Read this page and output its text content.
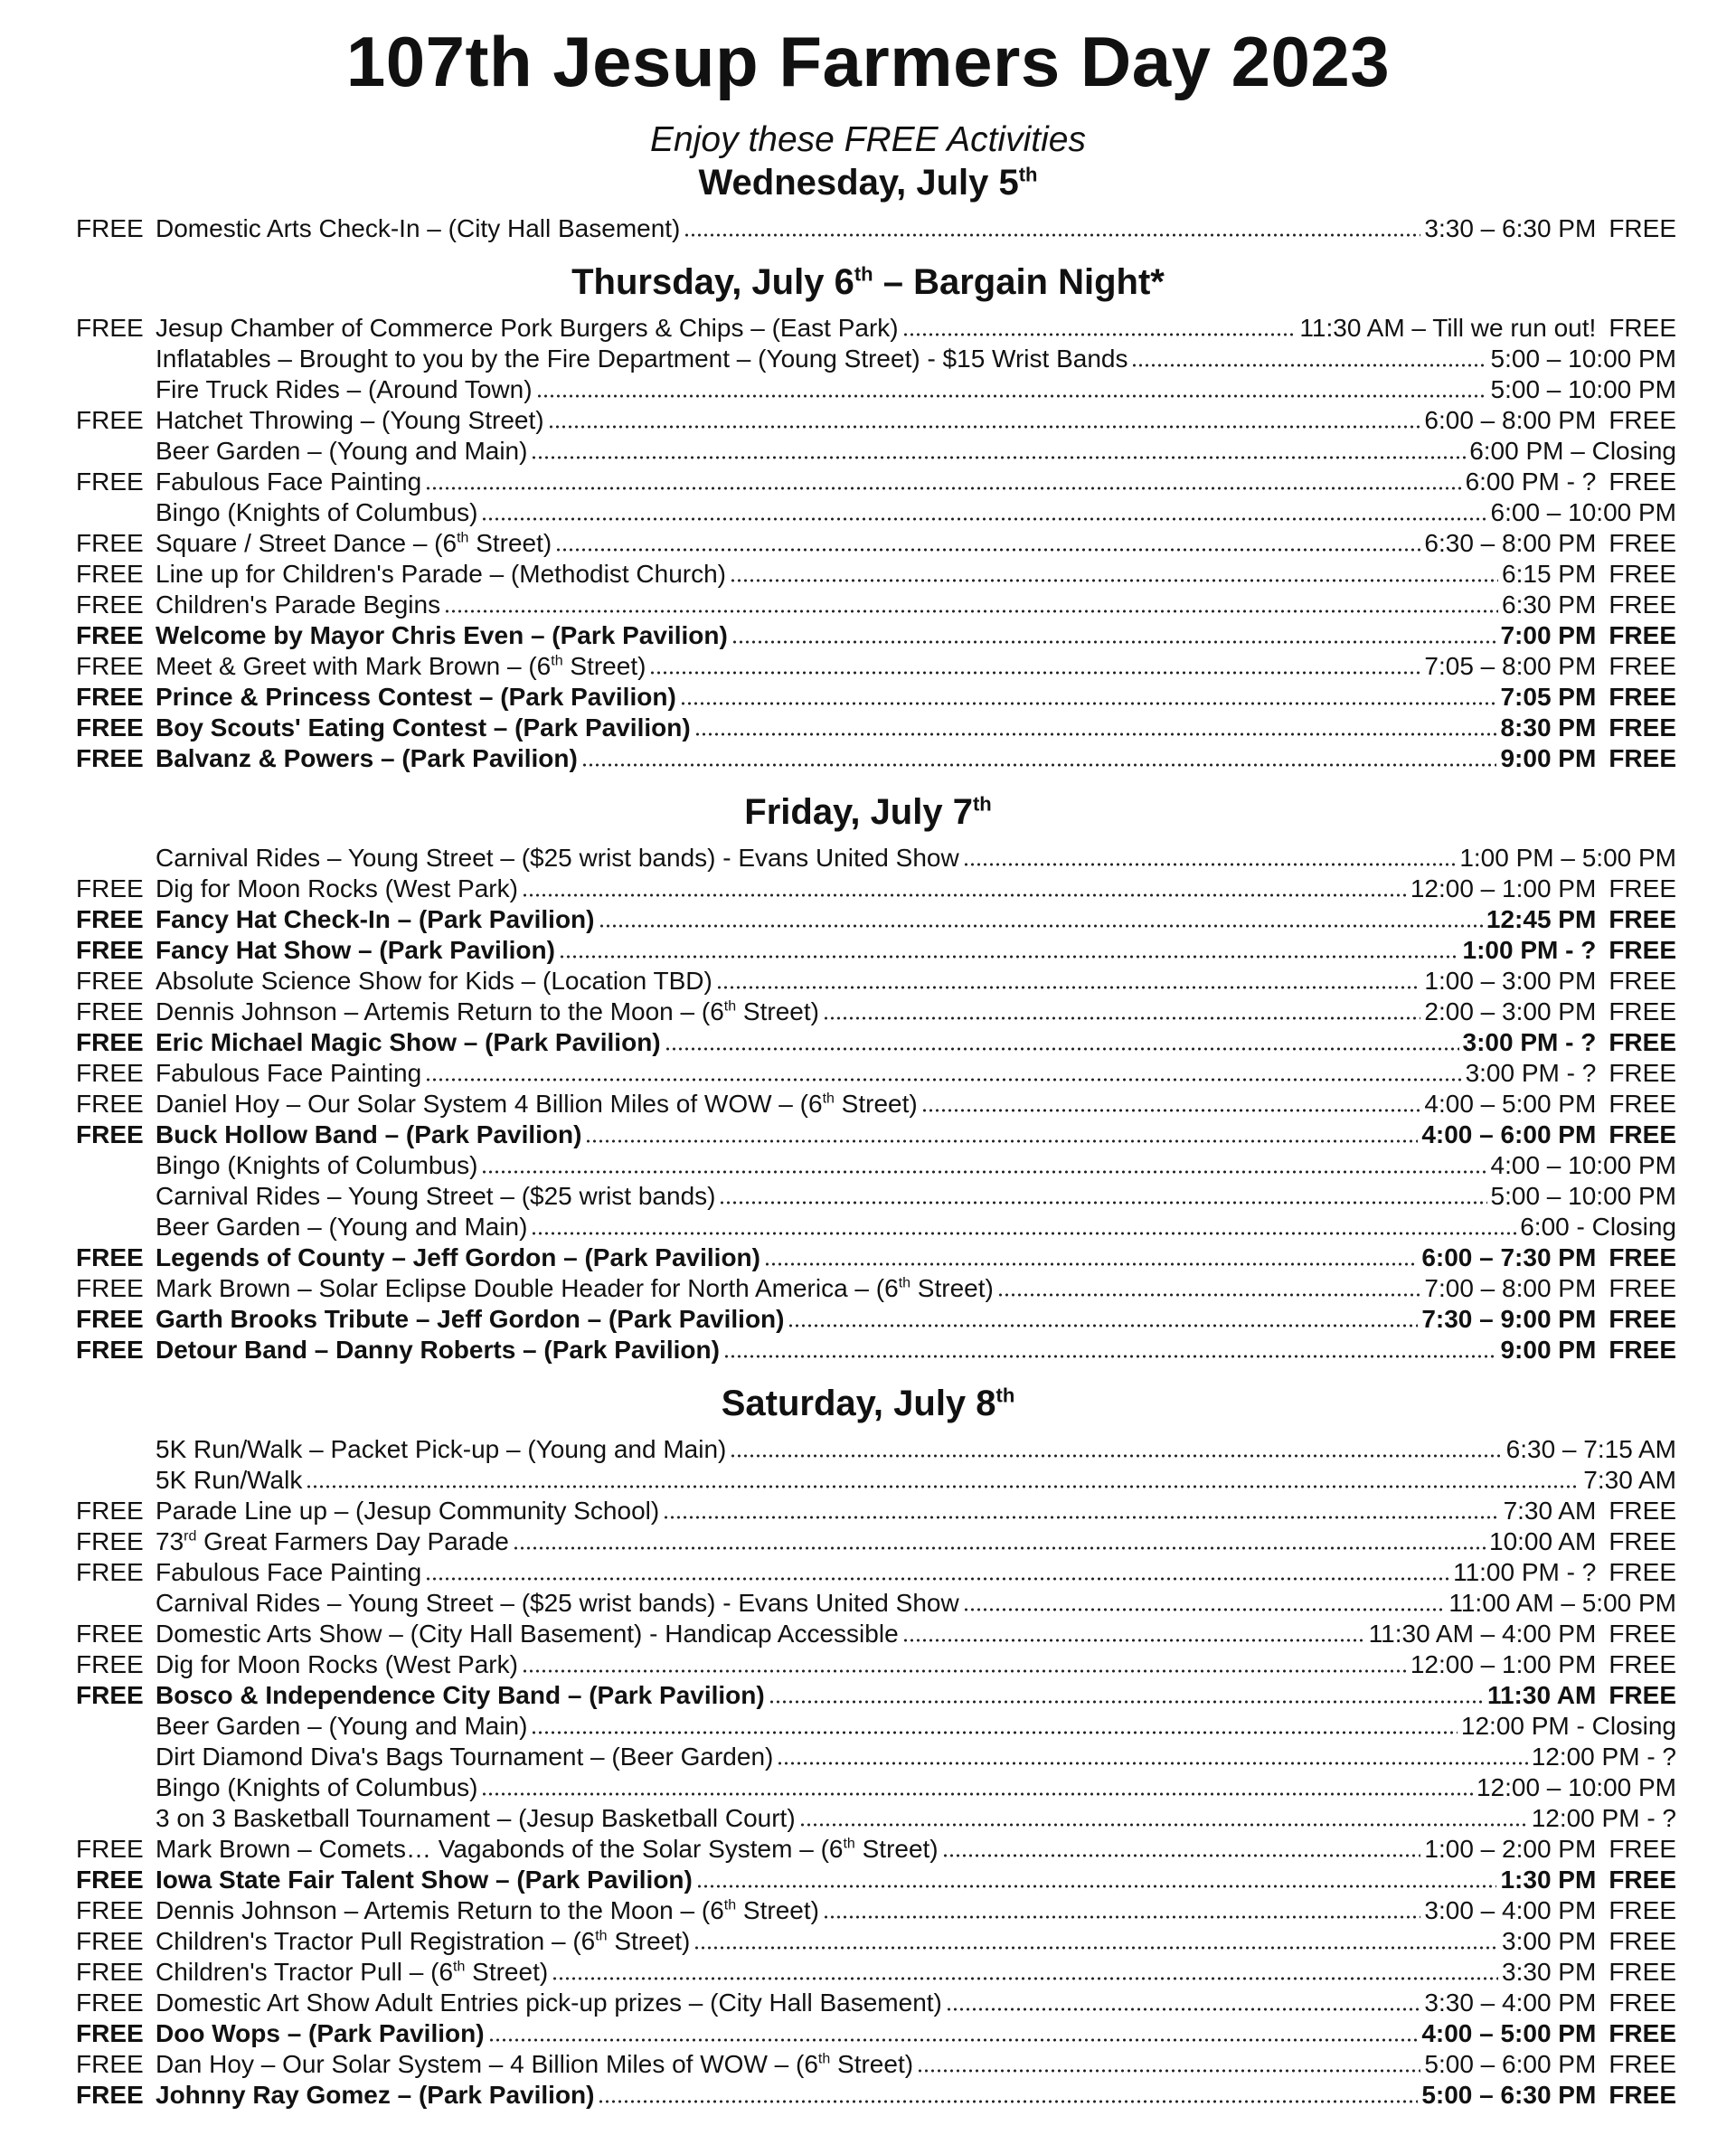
107th Jesup Farmers Day 2023
Enjoy these FREE Activities
Wednesday, July 5th
FREE Domestic Arts Check-In – (City Hall Basement)	3:30 – 6:30 PM FREE
Thursday, July 6th – Bargain Night*
FREE Jesup Chamber of Commerce Pork Burgers & Chips – (East Park)	11:30 AM – Till we run out! FREE
Inflatables – Brought to you by the Fire Department – (Young Street) - $15 Wrist Bands	5:00 – 10:00 PM
Fire Truck Rides – (Around Town)	5:00 – 10:00 PM
FREE Hatchet Throwing – (Young Street)	6:00 – 8:00 PM FREE
Beer Garden – (Young and Main)	6:00 PM – Closing
FREE Fabulous Face Painting	6:00 PM - ? FREE
Bingo (Knights of Columbus)	6:00 – 10:00 PM
FREE Square / Street Dance – (6th Street)	6:30 – 8:00 PM FREE
FREE Line up for Children's Parade – (Methodist Church)	6:15 PM FREE
FREE Children's Parade Begins	6:30 PM FREE
FREE Welcome by Mayor Chris Even – (Park Pavilion)	7:00 PM FREE
FREE Meet & Greet with Mark Brown – (6th Street)	7:05 – 8:00 PM FREE
FREE Prince & Princess Contest – (Park Pavilion)	7:05 PM FREE
FREE Boy Scouts' Eating Contest – (Park Pavilion)	8:30 PM FREE
FREE Balvanz & Powers – (Park Pavilion)	9:00 PM FREE
Friday, July 7th
Carnival Rides – Young Street – ($25 wrist bands) - Evans United Show	1:00 PM – 5:00 PM
FREE Dig for Moon Rocks (West Park)	12:00 – 1:00 PM FREE
FREE Fancy Hat Check-In – (Park Pavilion)	12:45 PM FREE
FREE Fancy Hat Show – (Park Pavilion)	1:00 PM - ? FREE
FREE Absolute Science Show for Kids – (Location TBD)	1:00 – 3:00 PM FREE
FREE Dennis Johnson – Artemis Return to the Moon – (6th Street)	2:00 – 3:00 PM FREE
FREE Eric Michael Magic Show – (Park Pavilion)	3:00 PM - ? FREE
FREE Fabulous Face Painting	3:00 PM - ? FREE
FREE Daniel Hoy – Our Solar System 4 Billion Miles of WOW – (6th Street)	4:00 – 5:00 PM FREE
FREE Buck Hollow Band – (Park Pavilion)	4:00 – 6:00 PM FREE
Bingo (Knights of Columbus)	4:00 – 10:00 PM
Carnival Rides – Young Street – ($25 wrist bands)	5:00 – 10:00 PM
Beer Garden – (Young and Main)	6:00 - Closing
FREE Legends of County – Jeff Gordon – (Park Pavilion)	6:00 – 7:30 PM FREE
FREE Mark Brown – Solar Eclipse Double Header for North America – (6th Street)	7:00 – 8:00 PM FREE
FREE Garth Brooks Tribute – Jeff Gordon – (Park Pavilion)	7:30 – 9:00 PM FREE
FREE Detour Band – Danny Roberts – (Park Pavilion)	9:00 PM FREE
Saturday, July 8th
5K Run/Walk – Packet Pick-up – (Young and Main)	6:30 – 7:15 AM
5K Run/Walk	7:30 AM
FREE Parade Line up – (Jesup Community School)	7:30 AM FREE
FREE 73rd Great Farmers Day Parade	10:00 AM FREE
FREE Fabulous Face Painting	11:00 PM - ? FREE
Carnival Rides – Young Street – ($25 wrist bands) - Evans United Show	11:00 AM – 5:00 PM
FREE Domestic Arts Show – (City Hall Basement) - Handicap Accessible	11:30 AM – 4:00 PM FREE
FREE Dig for Moon Rocks (West Park)	12:00 – 1:00 PM FREE
FREE Bosco & Independence City Band – (Park Pavilion)	11:30 AM FREE
Beer Garden – (Young and Main)	12:00 PM - Closing
Dirt Diamond Diva's Bags Tournament – (Beer Garden)	12:00 PM - ?
Bingo (Knights of Columbus)	12:00 – 10:00 PM
3 on 3 Basketball Tournament – (Jesup Basketball Court)	12:00 PM - ?
FREE Mark Brown – Comets… Vagabonds of the Solar System – (6th Street)	1:00 – 2:00 PM FREE
FREE Iowa State Fair Talent Show – (Park Pavilion)	1:30 PM FREE
FREE Dennis Johnson – Artemis Return to the Moon – (6th Street)	3:00 – 4:00 PM FREE
FREE Children's Tractor Pull Registration – (6th Street)	3:00 PM FREE
FREE Children's Tractor Pull – (6th Street)	3:30 PM FREE
FREE Domestic Art Show Adult Entries pick-up prizes – (City Hall Basement)	3:30 – 4:00 PM FREE
FREE Doo Wops – (Park Pavilion)	4:00 – 5:00 PM FREE
FREE Dan Hoy – Our Solar System – 4 Billion Miles of WOW – (6th Street)	5:00 – 6:00 PM FREE
FREE Johnny Ray Gomez – (Park Pavilion)	5:00 – 6:30 PM FREE
